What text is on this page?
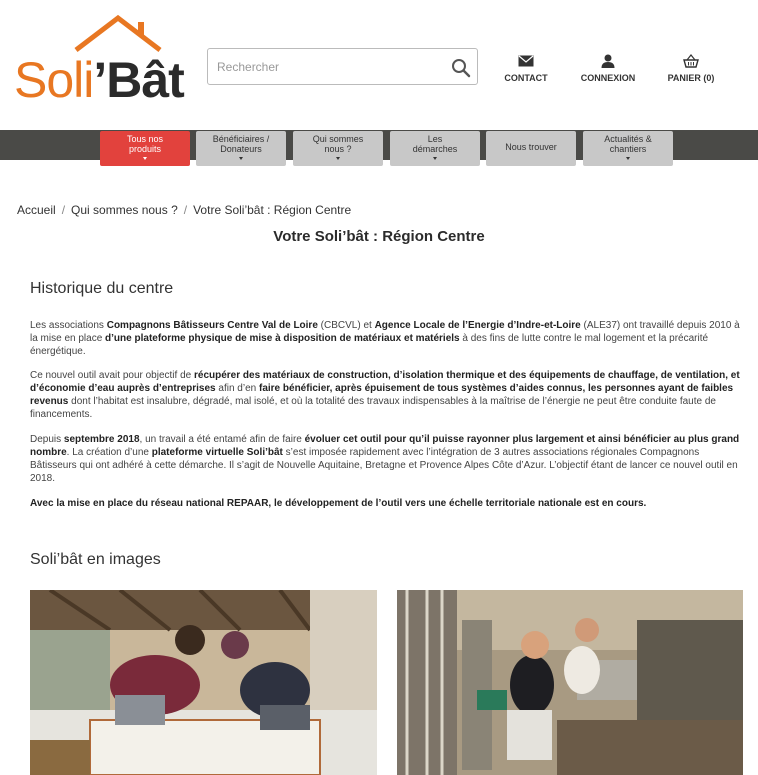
Soli’Bât
Rechercher	CONTACT	CONNEXION	PANIER (0)
Tous nos
produits
Bénéficiaires /
Donateurs
Qui sommes
nous ?
Les
démarches	Nous trouver
Actualités &
chantiers
Accueil / Qui sommes nous ? / Votre Soli’bât : Région Centre
Votre Soli’bât : Région Centre
Historique du centre
Les associations Compagnons Bâtisseurs Centre Val de Loire (CBCVL) et Agence Locale de l’Energie d’Indre-et-Loire (ALE37) ont travaillé depuis 2010 à la mise en place d’une plateforme physique de mise à disposition de matériaux et matériels à des fins de lutte contre le mal logement et la précarité énergétique.
Ce nouvel outil avait pour objectif de récupérer des matériaux de construction, d’isolation thermique et des équipements de chauffage, de ventilation, et d’économie d’eau auprès d’entreprises afin d’en faire bénéficier, après épuisement de tous systèmes d’aides connus, les personnes ayant de faibles revenus dont l’habitat est insalubre, dégradé, mal isolé, et où la totalité des travaux indispensables à la maîtrise de l’énergie ne peut être conduite faute de financements.
Depuis septembre 2018, un travail a été entamé afin de faire évoluer cet outil pour qu’il puisse rayonner plus largement et ainsi bénéficier au plus grand nombre. La création d’une plateforme virtuelle Soli’bât s’est imposée rapidement avec l’intégration de 3 autres associations régionales Compagnons Bâtisseurs qui ont adhéré à cette démarche. Il s’agit de Nouvelle Aquitaine, Bretagne et Provence Alpes Côte d’Azur. L’objectif étant de lancer ce nouvel outil en 2018.
Avec la mise en place du réseau national REPAAR, le développement de l’outil vers une échelle territoriale nationale est en cours.
Soli’bât en images
